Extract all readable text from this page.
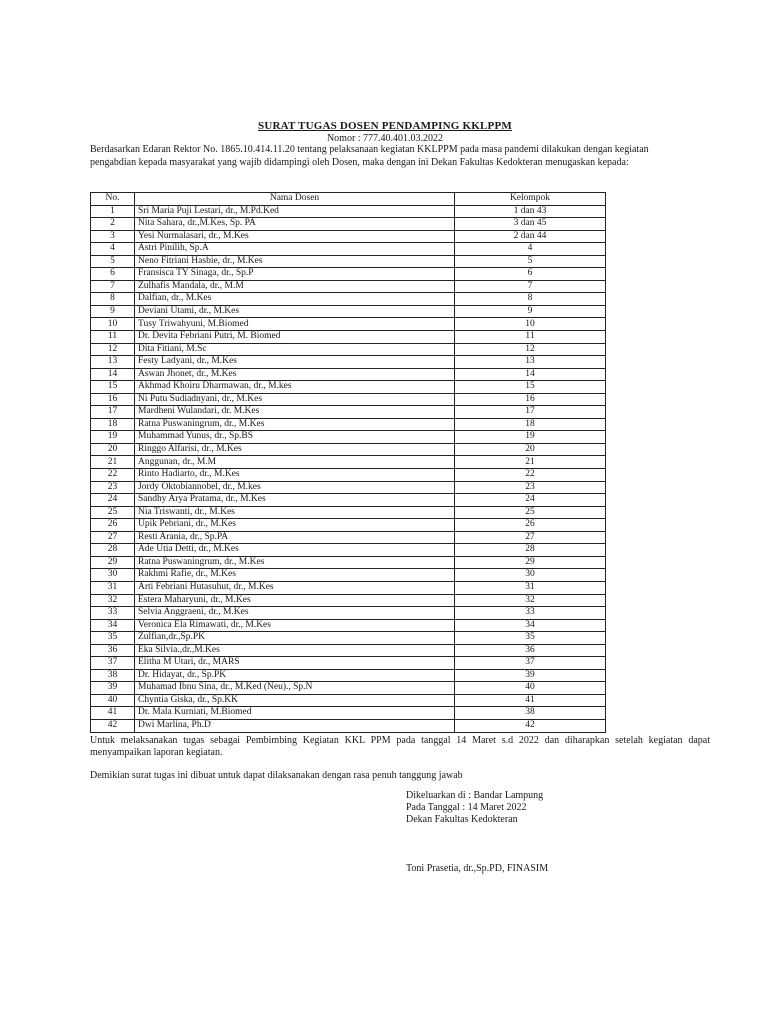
SURAT TUGAS DOSEN PENDAMPING KKLPPM
Nomor : 777.40.401.03.2022
Berdasarkan Edaran Rektor No. 1865.10.414.11.20 tentang pelaksanaan kegiatan KKLPPM pada masa pandemi dilakukan dengan kegiatan pengabdian kepada masyarakat yang wajib didampingi oleh Dosen, maka dengan ini Dekan Fakultas Kedokteran menugaskan kepada:
No.	Nama Dosen	Kelompok
1	Sri Maria Puji Lestari, dr., M.Pd.Ked	1 dan 43
2	Nita Sahara, dr.,M.Kes, Sp. PA	3 dan 45
3	Yesi Nurmalasari, dr., M.Kes	2 dan 44
4	Astri Pinilih, Sp.A	4
5	Neno Fitriani Hasbie, dr., M.Kes	5
6	Fransisca TY Sinaga, dr., Sp.P	6
7	Zulhafis Mandala, dr., M.M	7
8	Dalfian, dr., M.Kes	8
9	Deviani Utami, dr., M.Kes	9
10	Tusy Triwahyuni, M.Biomed	10
11	Dr. Devita Febriani Putri, M. Biomed	11
12	Dita Fitiani, M.Sc	12
13	Festy Ladyani, dr., M.Kes	13
14	Aswan Jhonet, dr., M.Kes	14
15	Akhmad Khoiru Dharmawan, dr., M.kes	15
16	Ni Putu Sudiadnyani, dr., M.Kes	16
17	Mardheni Wulandari, dr. M.Kes	17
18	Ratna Puswaningrum, dr., M.Kes	18
19	Muhammad Yunus, dr., Sp.BS	19
20	Ringgo Alfarisi, dr., M.Kes	20
21	Anggunan, dr., M.M	21
22	Rinto Hadiarto, dr., M.Kes	22
23	Jordy Oktobiannobel, dr., M.kes	23
24	Sandhy Arya Pratama, dr., M.Kes	24
25	Nia Triswanti, dr., M.Kes	25
26	Upik Pebriani, dr., M.Kes	26
27	Resti Arania, dr., Sp.PA	27
28	Ade Utia Detti, dr., M.Kes	28
29	Ratna Puswaningrum, dr., M.Kes	29
30	Rakhmi Rafie, dr., M.Kes	30
31	Arti Febriani Hutasuhut, dr., M.Kes	31
32	Estera Maharyuni, dr., M.Kes	32
33	Selvia Anggraeni, dr., M.Kes	33
34	Veronica Ela Rimawati, dr., M.Kes	34
35	Zulfian,dr.,Sp.PK	35
36	Eka Silvia.,dr.,M.Kes	36
37	Elitha M Utari, dr., MARS	37
38	Dr. Hidayat, dr., Sp.PK	39
39	Muhamad Ibnu Sina, dr., M.Ked (Neu)., Sp.N	40
40	Chyntia Giska, dr., Sp.KK	41
41	Dr. Mala Kurniati, M.Biomed	38
42	Dwi Marlina, Ph.D	42
Untuk melaksanakan tugas sebagai Pembimbing Kegiatan KKL PPM pada tanggal 14 Maret s.d 2022 dan diharapkan setelah kegiatan dapat menyampaikan laporan kegiatan.
Demikian surat tugas ini dibuat untuk dapat dilaksanakan dengan rasa penuh tanggung jawab
Dikeluarkan di : Bandar Lampung
Pada Tanggal : 14 Maret 2022
Dekan Fakultas Kedokteran
Toni Prasetia, dr.,Sp.PD, FINASIM
